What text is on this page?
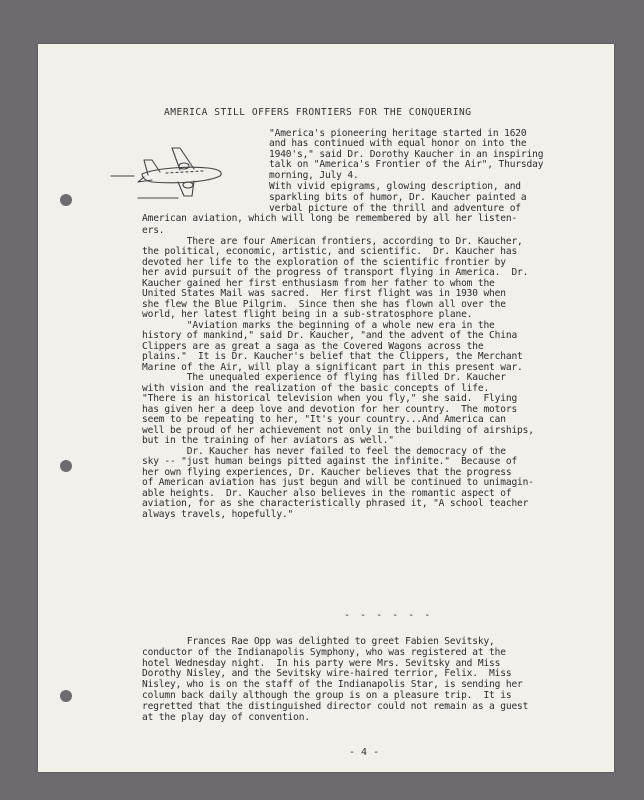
AMERICA STILL OFFERS FRONTIERS FOR THE CONQUERING
"America's pioneering heritage started in 1620
and has continued with equal honor on into the
1940's," said Dr. Dorothy Kaucher in an inspiring
talk on "America's Frontier of the Air", Thursday
morning, July 4.
With vivid epigrams, glowing description, and
sparkling bits of humor, Dr. Kaucher painted a
verbal picture of the thrill and adventure of
American aviation, which will long be remembered by all her listen-
ers.
There are four American frontiers, according to Dr. Kaucher,
the political, economic, artistic, and scientific.  Dr. Kaucher has
devoted her life to the exploration of the scientific frontier by
her avid pursuit of the progress of transport flying in America.  Dr.
Kaucher gained her first enthusiasm from her father to whom the
United States Mail was sacred.  Her first flight was in 1930 when
she flew the Blue Pilgrim.  Since then she has flown all over the
world, her latest flight being in a sub-stratosphore plane.
"Aviation marks the beginning of a whole new era in the
history of mankind," said Dr. Kaucher, "and the advent of the China
Clippers are as great a saga as the Covered Wagons across the
plains."  It is Dr. Kaucher's belief that the Clippers, the Merchant
Marine of the Air, will play a significant part in this present war.
The unequaled experience of flying has filled Dr. Kaucher
with vision and the realization of the basic concepts of life.
"There is an historical television when you fly," she said.  Flying
has given her a deep love and devotion for her country.  The motors
seem to be repeating to her, "It's your country...And America can
well be proud of her achievement not only in the building of airships,
but in the training of her aviators as well."
Dr. Kaucher has never failed to feel the democracy of the
sky -- "just human beings pitted against the infinite."  Because of
her own flying experiences, Dr. Kaucher believes that the progress
of American aviation has just begun and will be continued to unimagin-
able heights.  Dr. Kaucher also believes in the romantic aspect of
aviation, for as she characteristically phrased it, "A school teacher
always travels, hopefully."
- - - - - -
Frances Rae Opp was delighted to greet Fabien Sevitsky,
conductor of the Indianapolis Symphony, who was registered at the
hotel Wednesday night.  In his party were Mrs. Sevitsky and Miss
Dorothy Nisley, and the Sevitsky wire-haired terrior, Felix.  Miss
Nisley, who is on the staff of the Indianapolis Star, is sending her
column back daily although the group is on a pleasure trip.  It is
regretted that the distinguished director could not remain as a guest
at the play day of convention.
- 4 -
